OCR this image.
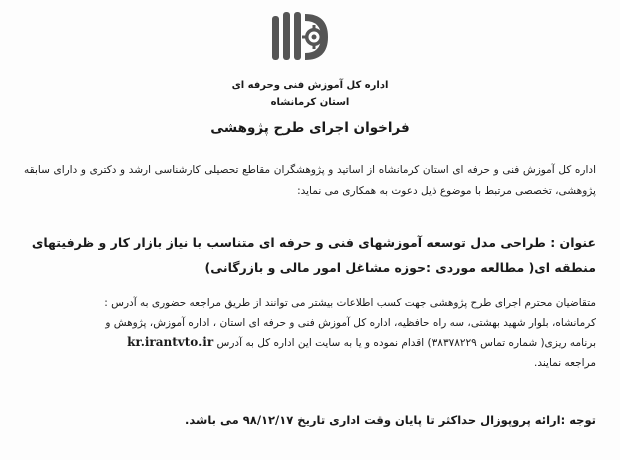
اداره کل آموزش فنی وحرفه ای
استان کرمانشاه
فراخوان اجرای طرح پژوهشی
اداره کل آموزش فنی و حرفه ای استان کرمانشاه از اساتید و پژوهشگران مقاطع تحصیلی کارشناسی ارشد و دکتری و دارای سابقه پژوهشی، تخصصی مرتبط با موضوع ذیل دعوت به همکاری می نماید:
عنوان : طراحی مدل توسعه آموزشهای فنی و حرفه ای متناسب با نیاز بازار کار و ظرفیتهای منطقه ای( مطالعه موردی :حوزه مشاغل امور مالی و بازرگانی)
متقاضیان محترم اجرای طرح پژوهشی جهت کسب اطلاعات بیشتر می توانند از طریق مراجعه حضوری به آدرس :
کرمانشاه، بلوار شهید بهشتی، سه راه حافظیه، اداره کل آموزش فنی و حرفه ای استان ، اداره آموزش، پژوهش و
برنامه ریزی( شماره تماس ۳۸۳۷۸۲۲۹) اقدام نموده و یا به سایت این اداره کل به آدرس kr.irantvto.ir
مراجعه نمایند.
توجه :ارائه پروپوزال حداکثر تا پایان وقت اداری تاریخ ۹۸/۱۲/۱۷ می باشد.
